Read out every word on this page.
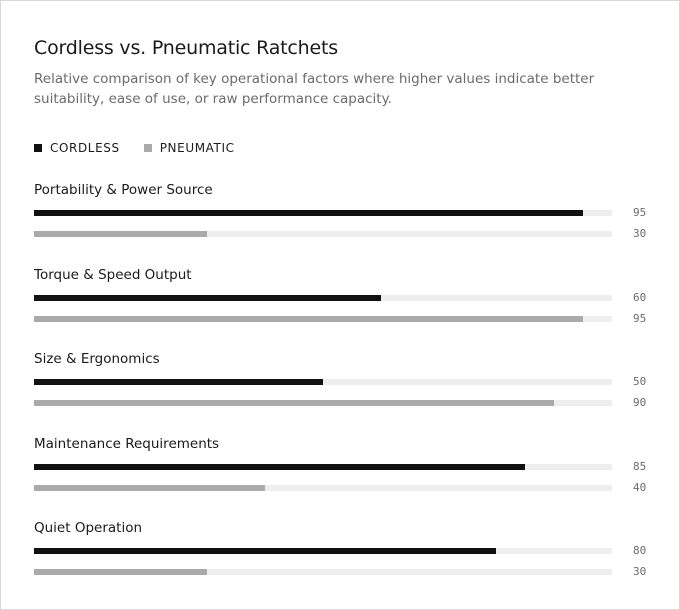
Cordless vs. Pneumatic Ratchets
Relative comparison of key operational factors where higher values indicate better suitability, ease of use, or raw performance capacity.
CORDLESS	PNEUMATIC
Portability & Power Source
95
30
Torque & Speed Output
60
95
Size & Ergonomics
50
90
Maintenance Requirements
85
40
Quiet Operation
80
30
